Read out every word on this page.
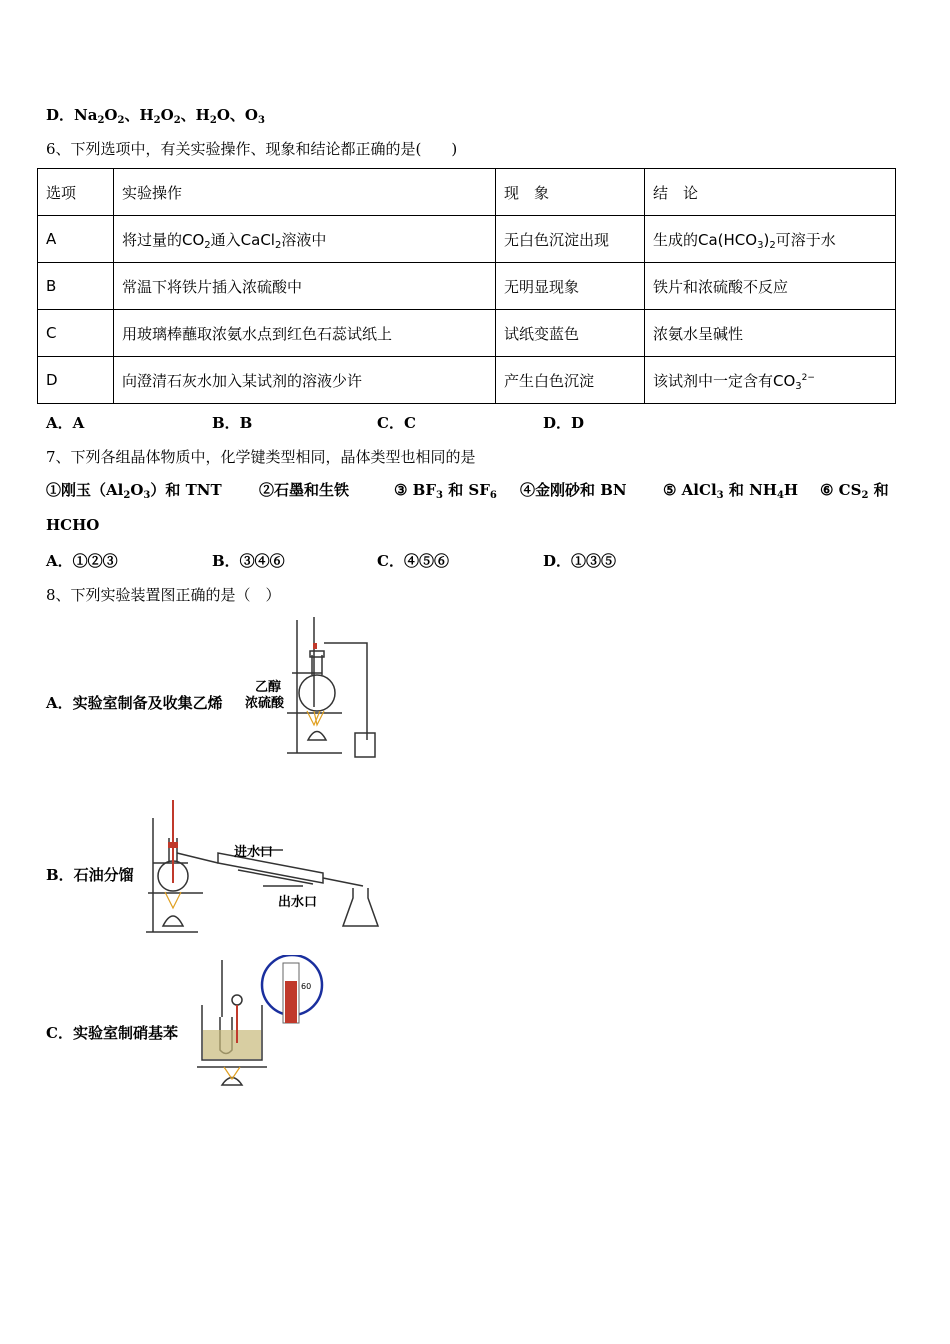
D．$Na_2O_2$、$H_2O_2$、$H_2O$、$O_3$
6、下列选项中，有关实验操作、现象和结论都正确的是(　　)
选项	实验操作	现　象	结　论
A	将过量的$CO_2$通入CaCl$_2$溶液中	无白色沉淀出现	生成的$Ca(HCO_3)_2$可溶于水
B	常温下将铁片插入浓硫酸中	无明显现象	铁片和浓硫酸不反应
C	用玻璃棒蘸取浓氨水点到红色石蕊试纸上	试纸变蓝色	浓氨水呈碱性
D	向澄清石灰水加入某试剂的溶液少许	产生白色沉淀	该试剂中一定含有$CO_3^{2-}$
A．A	B．B	C．C	D．D
7、下列各组晶体物质中，化学键类型相同，晶体类型也相同的是
①刚玉$(Al_2O_3)$和 TNT ②石墨和生铁	③ $BF_3$ 和 $SF_6$ ④金刚砂和 BN ⑤ AlCl$_3$ 和 $NH_4H$ ⑥ $CS_2$ 和
HCHO
A．①②③	B．③④⑥	C．④⑤⑥	D．①③⑤
8、下列实验装置图正确的是（　）
A．实验室制备及收集乙烯
乙醇
浓硫酸
B．石油分馏
进水口
出水口
C．实验室制硝基苯
60
